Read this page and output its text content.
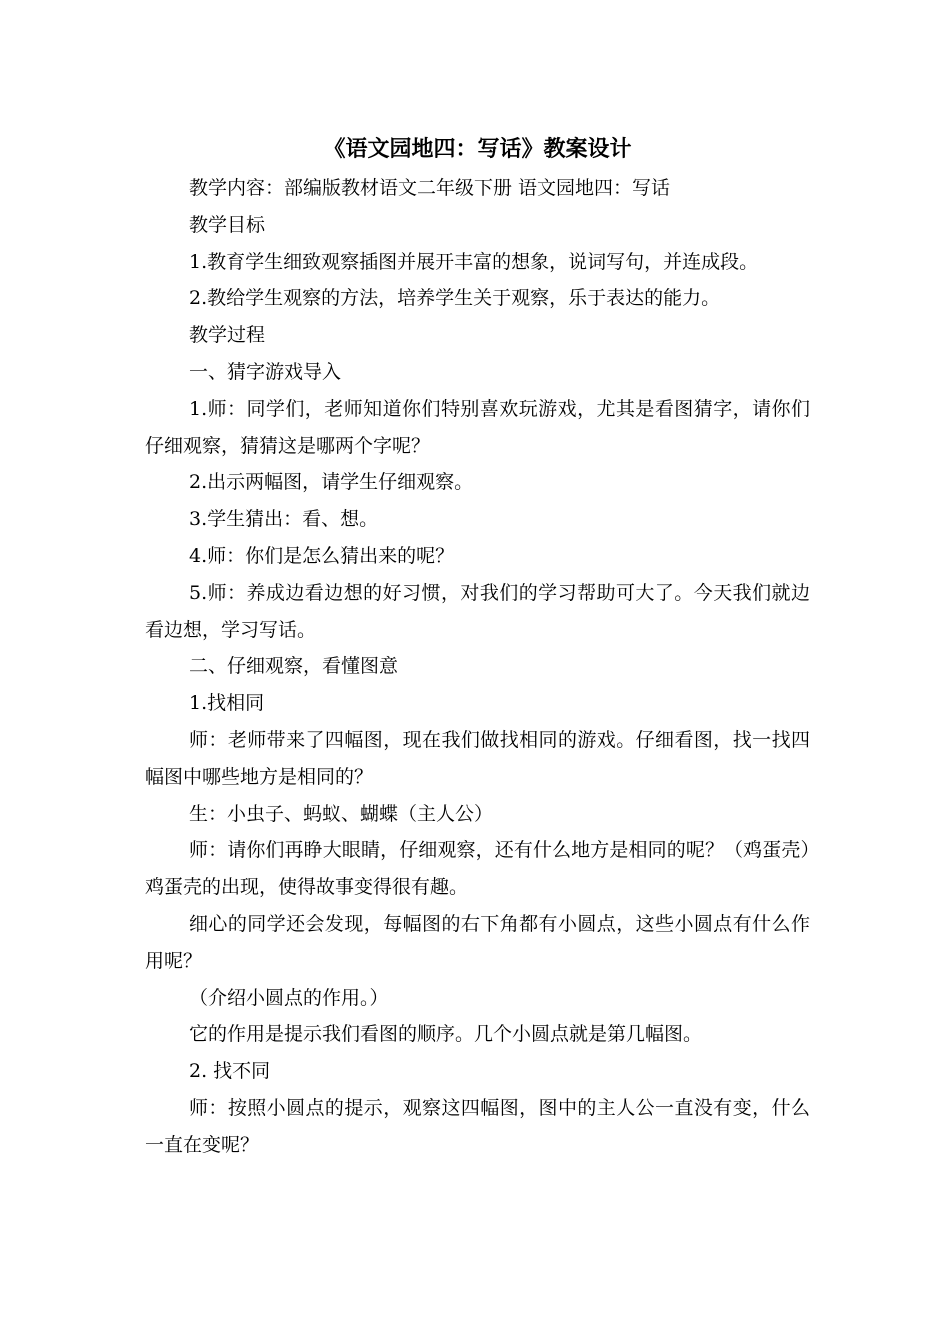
《语文园地四：写话》教案设计

教学内容：部编版教材语文二年级下册 语文园地四：写话

教学目标

1.教育学生细致观察插图并展开丰富的想象，说词写句，并连成段。

2.教给学生观察的方法，培养学生关于观察，乐于表达的能力。

教学过程

一、猜字游戏导入

1.师：同学们，老师知道你们特别喜欢玩游戏，尤其是看图猜字，请你们仔细观察，猜猜这是哪两个字呢？

2.出示两幅图，请学生仔细观察。

3.学生猜出：看、想。

4.师：你们是怎么猜出来的呢？

5.师：养成边看边想的好习惯，对我们的学习帮助可大了。今天我们就边看边想，学习写话。

二、仔细观察，看懂图意

1.找相同

师：老师带来了四幅图，现在我们做找相同的游戏。仔细看图，找一找四幅图中哪些地方是相同的？

生：小虫子、蚂蚁、蝴蝶（主人公）

师：请你们再睁大眼睛，仔细观察，还有什么地方是相同的呢？（鸡蛋壳）鸡蛋壳的出现，使得故事变得很有趣。

细心的同学还会发现，每幅图的右下角都有小圆点，这些小圆点有什么作用呢？

（介绍小圆点的作用。）

它的作用是提示我们看图的顺序。几个小圆点就是第几幅图。

2. 找不同

师：按照小圆点的提示，观察这四幅图，图中的主人公一直没有变，什么一直在变呢？
